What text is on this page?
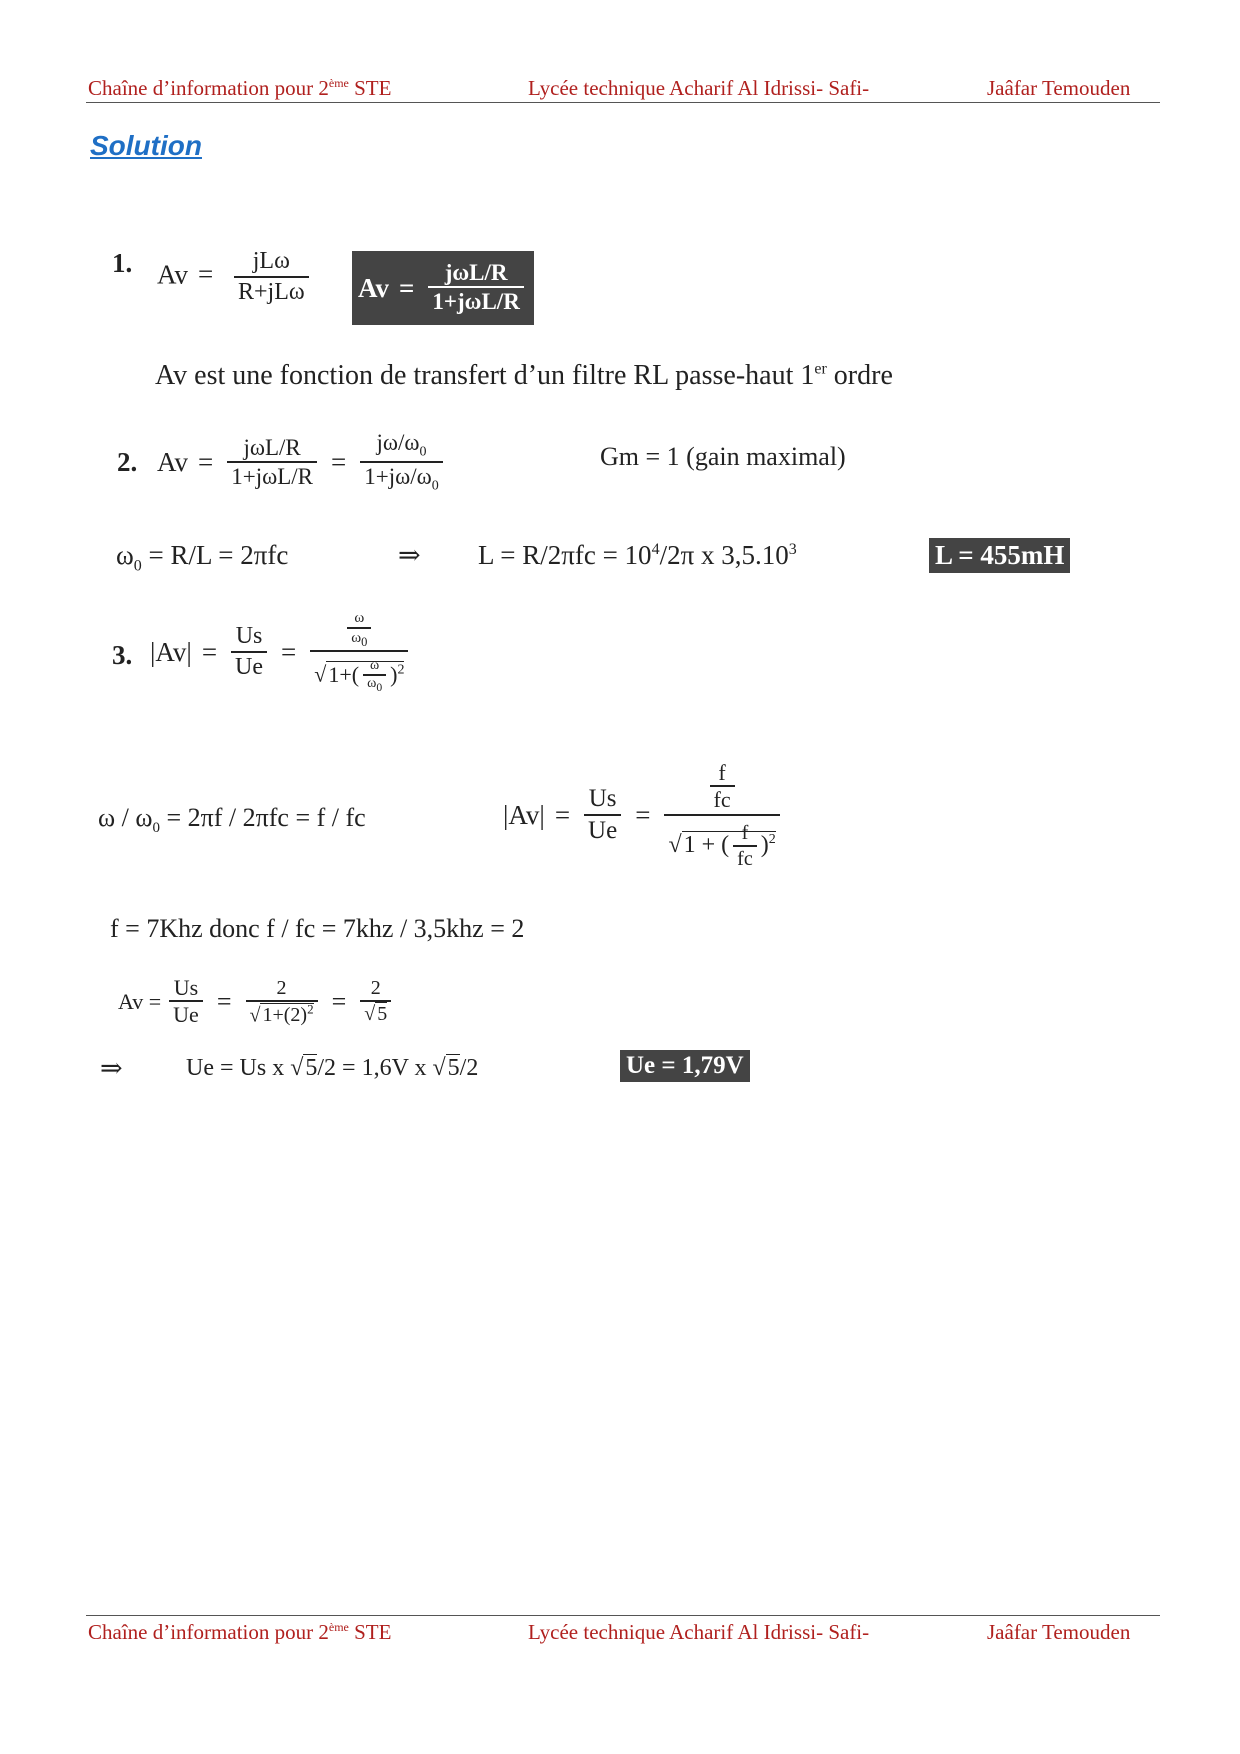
Chaîne d’information pour 2ème STE	Lycée technique Acharif Al Idrissi- Safi-	Jaâfar Temouden
Solution
1. $Av = \frac{\text{jLω}}{\text{R+jLω}}$ $Av = \frac{\text{jωL/R}}{\text{1+jωL/R}}$
Av est une fonction de transfert d’un filtre RL passe-haut 1er ordre
2. $Av = \frac{\text{jωL/R}}{\text{1+jωL/R}} = \frac{j\omega/\omega_0}{1+j\omega/\omega_0}$	Gm = 1 (gain maximal)
$\omega_0 = R/L = 2\pi fc$	⇒ $L = R/2\pi fc = 10^4/2\pi$ x 3,5.10$^3$	L = 455mH
3. $|Av| = \frac{Us}{Ue} = \frac{\frac{\omega}{\omega_0}}{√1+( \frac{\omega}{\omega_0} )^2}$
$\omega / \omega_0 = 2\pi f / 2\pi fc = f$ / fc	$|Av| = \frac{Us}{Ue} = \frac{\frac{f}{fc}}{√1 + ( \frac{f}{fc} )^2}$
f = 7Khz donc f / fc = 7khz / 3,5khz = 2
$Av = \frac{Us}{Ue} = \frac{2}{√ 1+(2)^2} = \frac{2}{√ 5}$
⇒	Ue = Us x √5/2 = 1,6V x √5/2	Ue = 1,79V
Chaîne d’information pour 2ème STE	Lycée technique Acharif Al Idrissi- Safi-	Jaâfar Temouden
